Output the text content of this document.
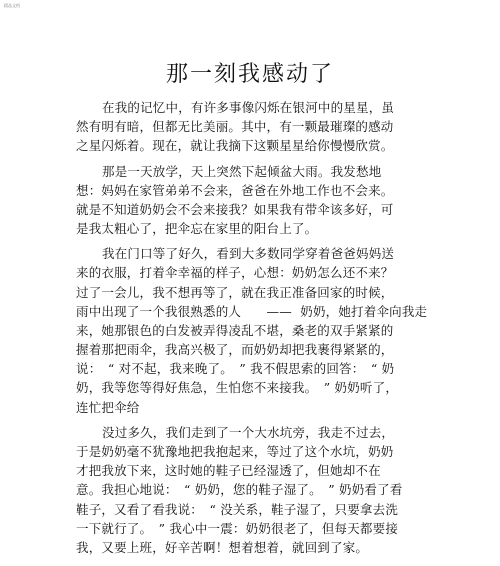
精品文档
那一刻我感动了
在我的记忆中，有许多事像闪烁在银河中的星星，虽
然有明有暗，但都无比美丽。其中，有一颗最璀璨的感动
之星闪烁着。现在，就让我摘下这颗星星给你慢慢欣赏。
那是一天放学，天上突然下起倾盆大雨。我发愁地
想：妈妈在家管弟弟不会来，爸爸在外地工作也不会来。
就是不知道奶奶会不会来接我？如果我有带伞该多好，可
是我太粗心了，把伞忘在家里的阳台上了。
我在门口等了好久，看到大多数同学穿着爸爸妈妈送
来的衣服，打着伞幸福的样子，心想：奶奶怎么还不来？
过了一会儿，我不想再等了，就在我正准备回家的时候，
雨中出现了一个我很熟悉的人　　——  奶奶，她打着伞向我走
来，她那银色的白发被弄得凌乱不堪，桑老的双手紧紧的
握着那把雨伞，我高兴极了，而奶奶却把我裹得紧紧的，
说：　“ 对不起，我来晚了。　” 我不假思索的回答：　“ 奶
奶，我等您等得好焦急，生怕您不来接我。　” 奶奶听了，
连忙把伞给
没过多久，我们走到了一个大水坑旁，我走不过去，
于是奶奶毫不犹豫地把我抱起来，等过了这个水坑，奶奶
才把我放下来，这时她的鞋子已经湿透了，但她却不在
意。我担心地说：　“ 奶奶，您的鞋子湿了。　” 奶奶看了看
鞋子，又看了看我说：　“ 没关系，鞋子湿了，只要拿去洗
一下就行了。　” 我心中一震：奶奶很老了，但每天都要接
我，又要上班，好辛苦啊！想着想着，就回到了家。
